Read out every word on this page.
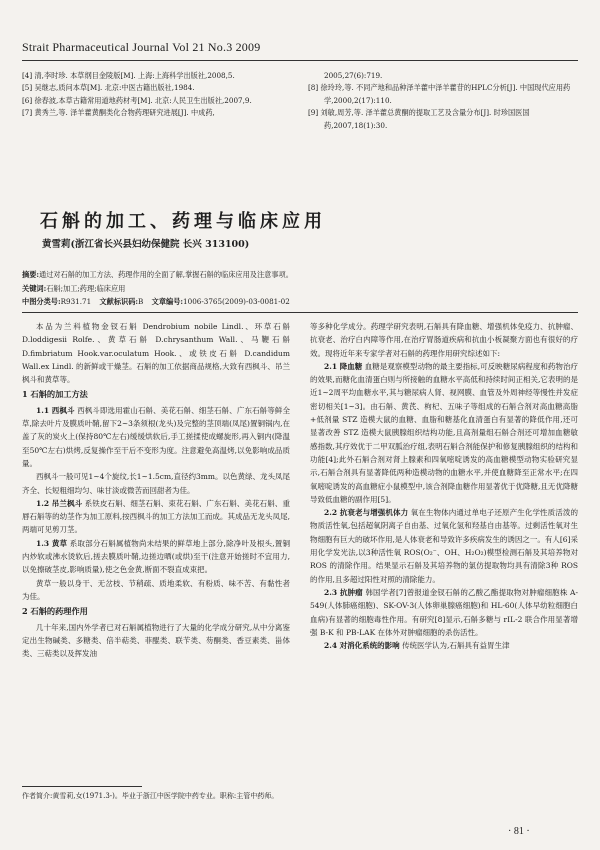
Strait Pharmaceutical Journal Vol 21 No.3 2009

[4] 清,李时珍. 本草纲目金陵版[M]. 上海:上海科学出版社,2008,5.

[5] 吴继志,质问本草[M]. 北京:中医古籍出版社,1984.

[6] 徐春波,本草古籍常用道地药材考[M]. 北京:人民卫生出版社,2007,9.

[7] 黄秀兰,等. 泽羊藿黄酮类化合物药理研究进展[J]. 中成药,

2005,27(6):719.

[8] 徐玲玲,等. 不同产地和品种泽羊藿中泽羊藿苷的HPLC分析[J]. 中国现代应用药学,2000,2(17):110.

[9] 刘敏,周芳,等. 泽羊藿总黄酮的提取工艺及含量分布[J]. 时珍国医国药,2007,18(1):30.

石斛的加工、药理与临床应用
黄雪莉(浙江省长兴县妇幼保健院 长兴 313100)
摘要:通过对石斛的加工方法、药理作用的全面了解,掌握石斛的临床应用及注意事项。
关键词:石斛;加工;药理;临床应用
中图分类号:R931.71 文献标识码:B 文章编号:1006-3765(2009)-03-0081-02

本品为兰科植物金钗石斛 Dendrobium nobile Lindl.、环草石斛 D.loddigesii Rolfe.、黄草石斛 D.chrysanthum Wall.、马鞭石斛 D.fimbriatum Hook.var.oculatum Hook.、或铁皮石斛 D.candidum Wall.ex Lindl. 的新鲜或干燥茎。石斛的加工依据商品规格,大致有西枫斗、吊兰枫斗和黄草等。

1 石斛的加工方法

1.1 西枫斗 西枫斗即选用霍山石斛、美花石斛、细茎石斛、广东石斛等鲜全草,除去叶片及膜质叶鞘,留下2~3条须根(龙头)及完整的茎顶端(凤尾)置铜锅内,在盖了灰的炭火上(保持80℃左右)缓缓烘软后,手工搓揉使成螺旋形,再入铜内(降温至50℃左右)烘烤,反复操作至干后不变形为度。注意避免高温烤,以免影响成品质量。

西枫斗一般可见1~4个旋纹,长1~1.5cm,直径约3mm。以色黄绿、龙头凤尾齐全、长短粗细均匀、味甘淡或微苦而回甜者为佳。

1.2 吊兰枫斗 系铁皮石斛、细茎石斛、束花石斛、广东石斛、美花石斛、重唇石斛等的幼茎作为加工原料,按西枫斗的加工方法加工而成。其成品无龙头凤尾,两端可见剪刀茎。

1.3 黄草 系取部分石斛属植物尚未结果的鲜草地上部分,除净叶及根头,置铜内炒软或沸水烫软后,搓去膜质叶鞘,边搓边晒(或烘)至干(注意开始搓时不宜用力,以免擦破茎皮,影响质量),使之色金黄,断面不裂直成束把。

黄草一般以身干、无岔枝、节稍疏、质地柔软、有粉质、味不苦、有黏性者为佳。

2 石斛的药理作用

几十年来,国内外学者已对石斛属植物进行了大量的化学成分研究,从中分离鉴定出生物碱类、多糖类、倍半萜类、菲醌类、联苄类、芴酮类、香豆素类、甾体类、三萜类以及挥发油

等多种化学成分。药理学研究表明,石斛具有降血糖、增强机体免疫力、抗肿瘤、抗衰老、治疗白内障等作用,在治疗胃肠道疾病和抗血小板凝聚方面也有很好的疗效。现将近年来专家学者对石斛的药理作用研究综述如下:

2.1 降血糖 血糖是观察模型动物的最主要指标,可反映糖尿病程度和药物治疗的效果,而糖化血清蛋白则与所接触的血糖水平高低和持续时间正相关,它表明的是近1~2周平均血糖水平,其与糖尿病人肾、视网膜、血管及外周神经等慢性并发症密切相关[1~3]。由石斛、黄芪、枸杞、五味子等组成的石斛合剂对高血糖高脂+低剂量 STZ 造模大鼠的血糖、血脂和糖基化血清蛋白有显著的降低作用,还可显著改善 STZ 造模大鼠胰腺组织结构功能,且高剂量组石斛合剂还可增加血糖敏感指数,其疗效优于二甲双胍治疗组,表明石斛合剂能保护和修复胰腺组织的结构和功能[4];此外石斛合剂对肾上腺素和四氧嘧啶诱发的高血糖模型动物实验研究显示,石斛合剂具有显著降低两种造模动物的血糖水平,并使血糖降至正常水平;在四氧嘧啶诱发的高血糖症小鼠模型中,该合剂降血糖作用显著优于优降糖,且无优降糖导致低血糖的副作用[5]。

2.2 抗衰老与增强机体力 氧在生物体内通过单电子还原产生化学性质活泼的物质活性氧,包括超氧阴离子自由基、过氧化氢和羟基自由基等。过剩活性氧对生物细胞有巨大的破坏作用,是人体衰老和导致许多疾病发生的诱因之一。有人[6]采用化学发光法,以3种活性氧 ROS(O₂⁻、OH、H₂O₂)模型检测石斛及其培养物对 ROS 的清除作用。结果显示石斛及其培养物的氯仿提取物均具有清除3种 ROS 的作用,且多超过阳性对照的清除能力。

2.3 抗肿瘤 韩国学者[7]曾报道金钗石斛的乙酸乙酯提取物对肿瘤细胞株 A-549(人体肺癌细胞)、SK-OV-3(人体卵巢腺癌细胞)和 HL-60(人体早幼粒细胞白血病)有显著的细胞毒性作用。有研究[8]显示,石斛多糖与 rIL-2 联合作用显著增强 B-K 和 PB-LAK 在体外对肿瘤细胞的杀伤活性。

2.4 对消化系统的影响 传统医学认为,石斛具有益胃生津

作者简介:黄雪莉,女(1971.3-)。毕业于浙江中医学院中药专业。职称:主管中药师。
· 81 ·
